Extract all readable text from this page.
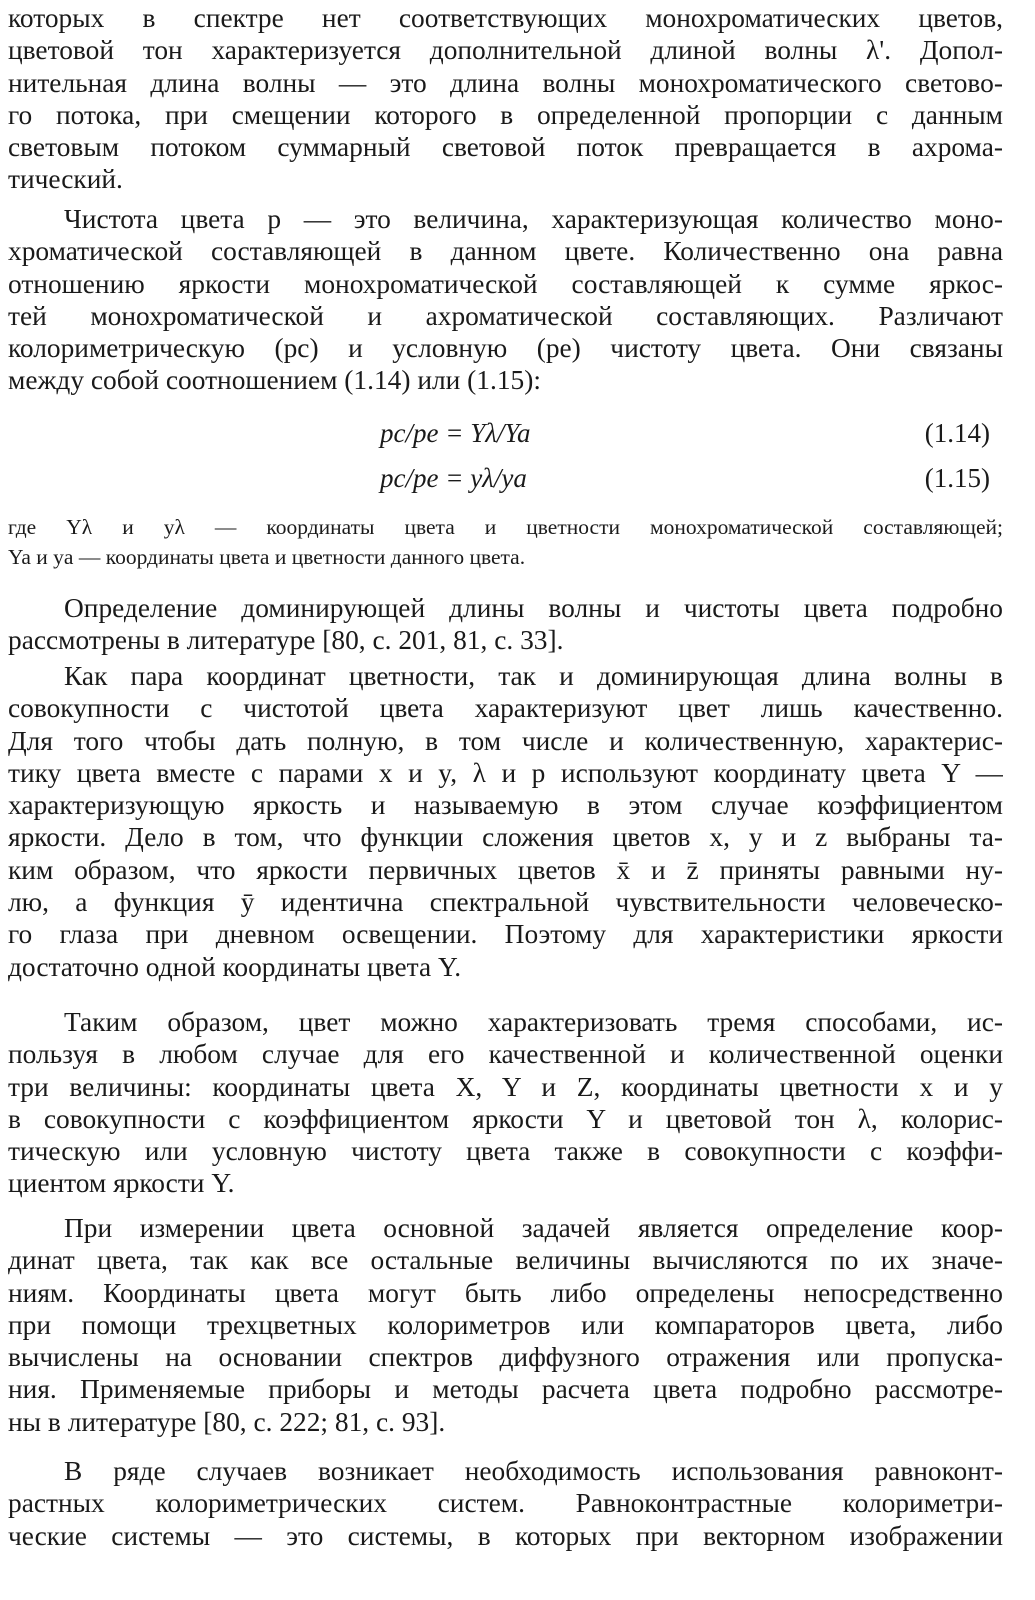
которых в спектре нет соответствующих монохроматических цветов,
цветовой тон характеризуется дополнительной длиной волны λ'. Допол-
нительная длина волны — это длина волны монохроматического светово-
го потока, при смещении которого в определенной пропорции с данным
световым потоком суммарный световой поток превращается в ахрома-
тический.
Чистота цвета p — это величина, характеризующая количество моно-
хроматической составляющей в данном цвете. Количественно она равна
отношению яркости монохроматической составляющей к сумме яркос-
тей монохроматической и ахроматической составляющих. Различают
колориметрическую (pc) и условную (pe) чистоту цвета. Они связаны
между собой соотношением (1.14) или (1.15):
pc/pe = Yλ/Ya	(1.14)
pc/pe = yλ/ya	(1.15)
где Yλ и yλ — координаты цвета и цветности монохроматической составляющей;
Ya и ya — координаты цвета и цветности данного цвета.
Определение доминирующей длины волны и чистоты цвета подробно
рассмотрены в литературе [80, с. 201, 81, с. 33].
Как пара координат цветности, так и доминирующая длина волны в
совокупности с чистотой цвета характеризуют цвет лишь качественно.
Для того чтобы дать полную, в том числе и количественную, характерис-
тику цвета вместе с парами x и y, λ и p используют координату цвета Y —
характеризующую яркость и называемую в этом случае коэффициентом
яркости. Дело в том, что функции сложения цветов x, y и z выбраны та-
ким образом, что яркости первичных цветов x̄ и z̄ приняты равными ну-
лю, а функция ȳ идентична спектральной чувствительности человеческо-
го глаза при дневном освещении. Поэтому для характеристики яркости
достаточно одной координаты цвета Y.
Таким образом, цвет можно характеризовать тремя способами, ис-
пользуя в любом случае для его качественной и количественной оценки
три величины: координаты цвета X, Y и Z, координаты цветности x и y
в совокупности с коэффициентом яркости Y и цветовой тон λ, колорис-
тическую или условную чистоту цвета также в совокупности с коэффи-
циентом яркости Y.
При измерении цвета основной задачей является определение коор-
динат цвета, так как все остальные величины вычисляются по их значе-
ниям. Координаты цвета могут быть либо определены непосредственно
при помощи трехцветных колориметров или компараторов цвета, либо
вычислены на основании спектров диффузного отражения или пропуска-
ния. Применяемые приборы и методы расчета цвета подробно рассмотре-
ны в литературе [80, с. 222; 81, с. 93].
В ряде случаев возникает необходимость использования равноконт-
растных колориметрических систем. Равноконтрастные колориметри-
ческие системы — это системы, в которых при векторном изображении
